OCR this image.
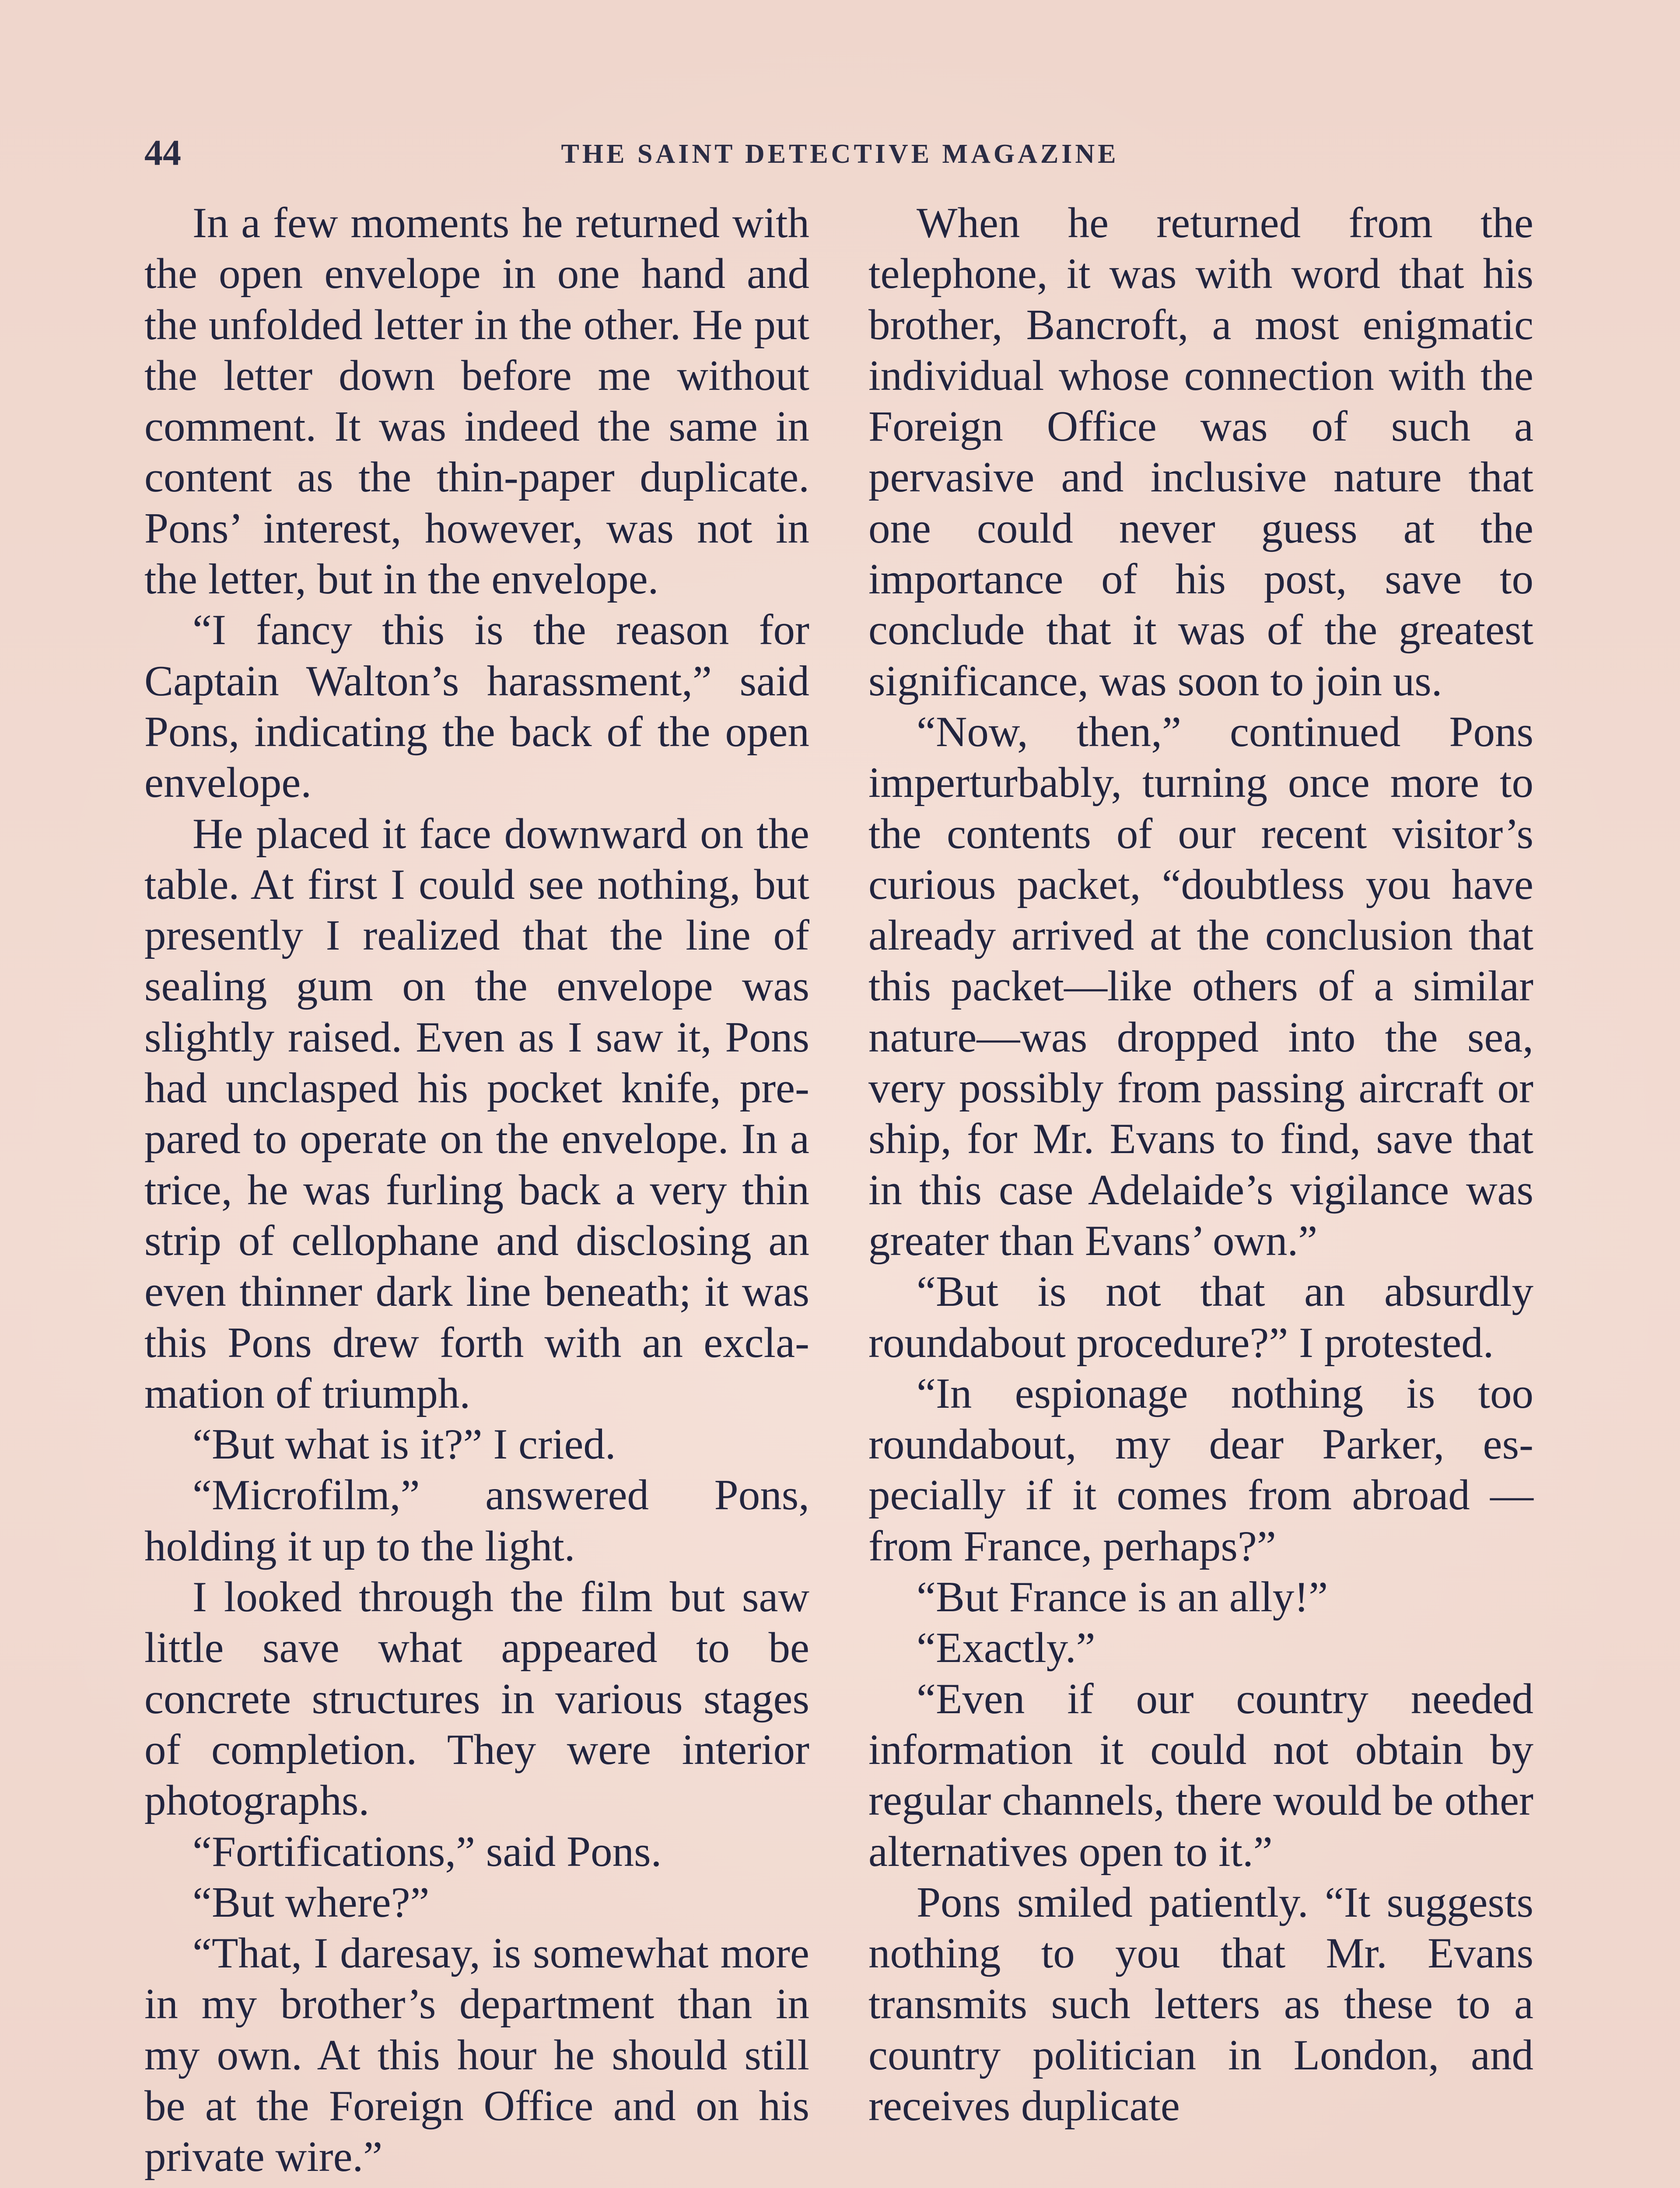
44	THE SAINT DETECTIVE MAGAZINE

In a few moments he returned with the open envelope in one hand and the unfolded letter in the other. He put the letter down before me without comment. It was indeed the same in content as the thin-paper duplicate. Pons’ interest, however, was not in the letter, but in the envelope.

“I fancy this is the reason for Captain Walton’s harassment,” said Pons, indicating the back of the open envelope.

He placed it face downward on the table. At first I could see nothing, but presently I realized that the line of sealing gum on the envelope was slightly raised. Even as I saw it, Pons had unclasped his pocket knife, prepared to operate on the envelope. In a trice, he was furling back a very thin strip of cellophane and disclosing an even thinner dark line beneath; it was this Pons drew forth with an exclamation of triumph.

“But what is it?” I cried.

“Microfilm,” answered Pons, holding it up to the light.

I looked through the film but saw little save what appeared to be concrete structures in various stages of completion. They were interior photographs.

“Fortifications,” said Pons.

“But where?”

“That, I daresay, is somewhat more in my brother’s department than in my own. At this hour he should still be at the Foreign Office and on his private wire.”

When he returned from the telephone, it was with word that his brother, Bancroft, a most enigmatic individual whose connection with the Foreign Office was of such a pervasive and inclusive nature that one could never guess at the importance of his post, save to conclude that it was of the greatest significance, was soon to join us.

“Now, then,” continued Pons imperturbably, turning once more to the contents of our recent visitor’s curious packet, “doubtless you have already arrived at the conclusion that this packet—like others of a similar nature—was dropped into the sea, very possibly from passing aircraft or ship, for Mr. Evans to find, save that in this case Adelaide’s vigilance was greater than Evans’ own.”

“But is not that an absurdly roundabout procedure?” I protested.

“In espionage nothing is too roundabout, my dear Parker, especially if it comes from abroad —from France, perhaps?”

“But France is an ally!”

“Exactly.”

“Even if our country needed information it could not obtain by regular channels, there would be other alternatives open to it.”

Pons smiled patiently. “It suggests nothing to you that Mr. Evans transmits such letters as these to a country politician in London, and receives duplicate
